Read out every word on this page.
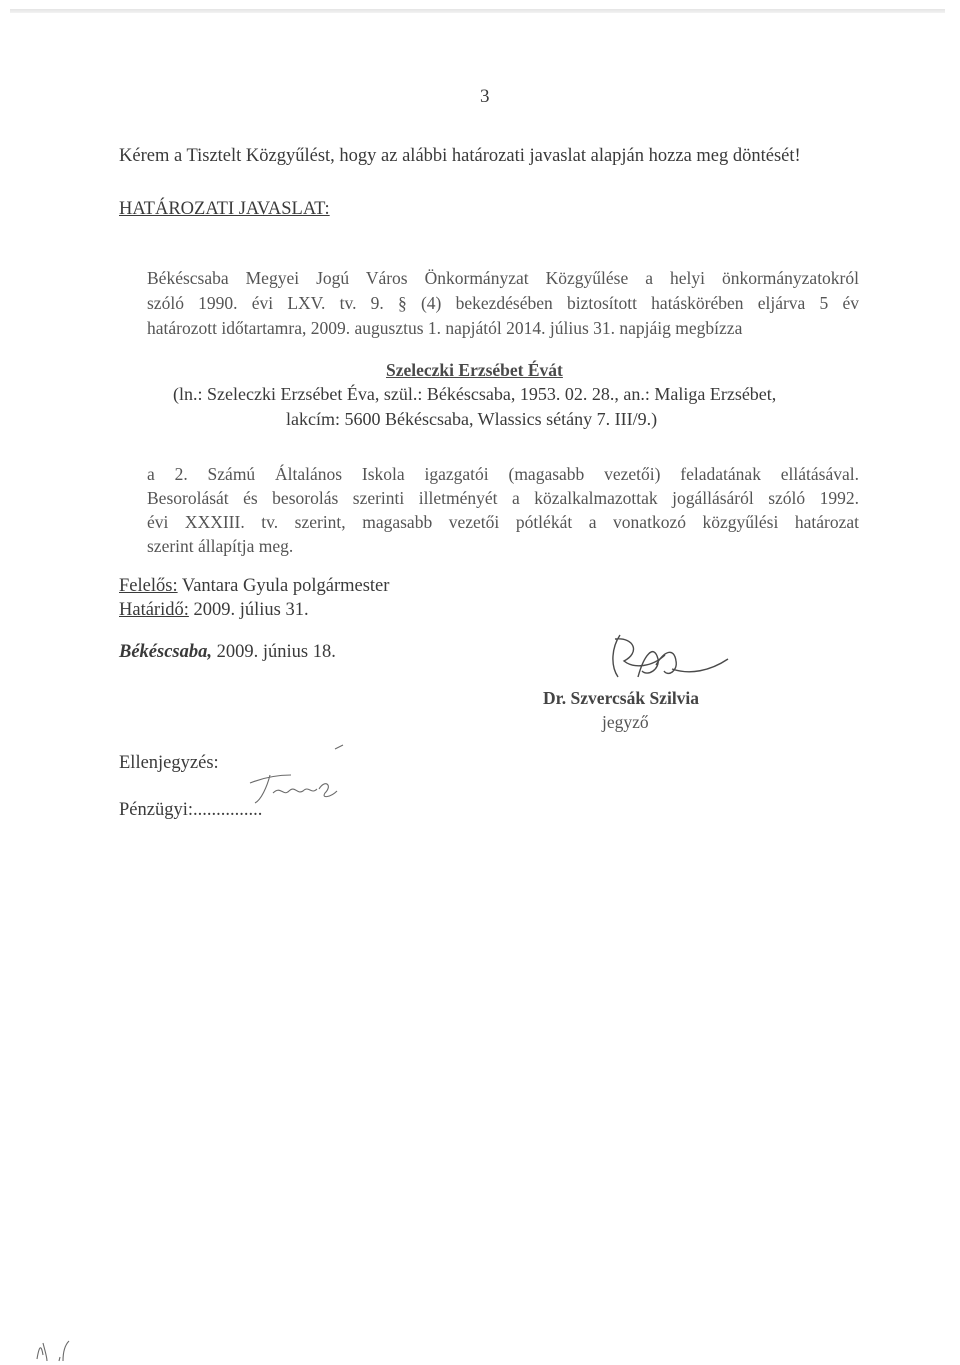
3
Kérem a Tisztelt Közgyűlést, hogy az alábbi határozati javaslat alapján hozza meg döntését!
HATÁROZATI JAVASLAT:
Békéscsaba Megyei Jogú Város Önkormányzat Közgyűlése a helyi önkormányzatokról
szóló 1990. évi LXV. tv. 9. § (4) bekezdésében biztosított hatáskörében eljárva 5 év
határozott időtartamra, 2009. augusztus 1. napjától 2014. július 31. napjáig megbízza
Szeleczki Erzsébet Évát
(ln.: Szeleczki Erzsébet Éva, szül.: Békéscsaba, 1953. 02. 28., an.: Maliga Erzsébet,
lakcím: 5600 Békéscsaba, Wlassics sétány 7. III/9.)
a 2. Számú Általános Iskola igazgatói (magasabb vezetői) feladatának ellátásával.
Besorolását és besorolás szerinti illetményét a közalkalmazottak jogállásáról szóló 1992.
évi XXXIII. tv. szerint, magasabb vezetői pótlékát a vonatkozó közgyűlési határozat
szerint állapítja meg.
Felelős: Vantara Gyula polgármester
Határidő: 2009. július 31.
Békéscsaba, 2009. június 18.
Dr. Szvercsák Szilvia
jegyző
Ellenjegyzés:
Pénzügyi:...............
